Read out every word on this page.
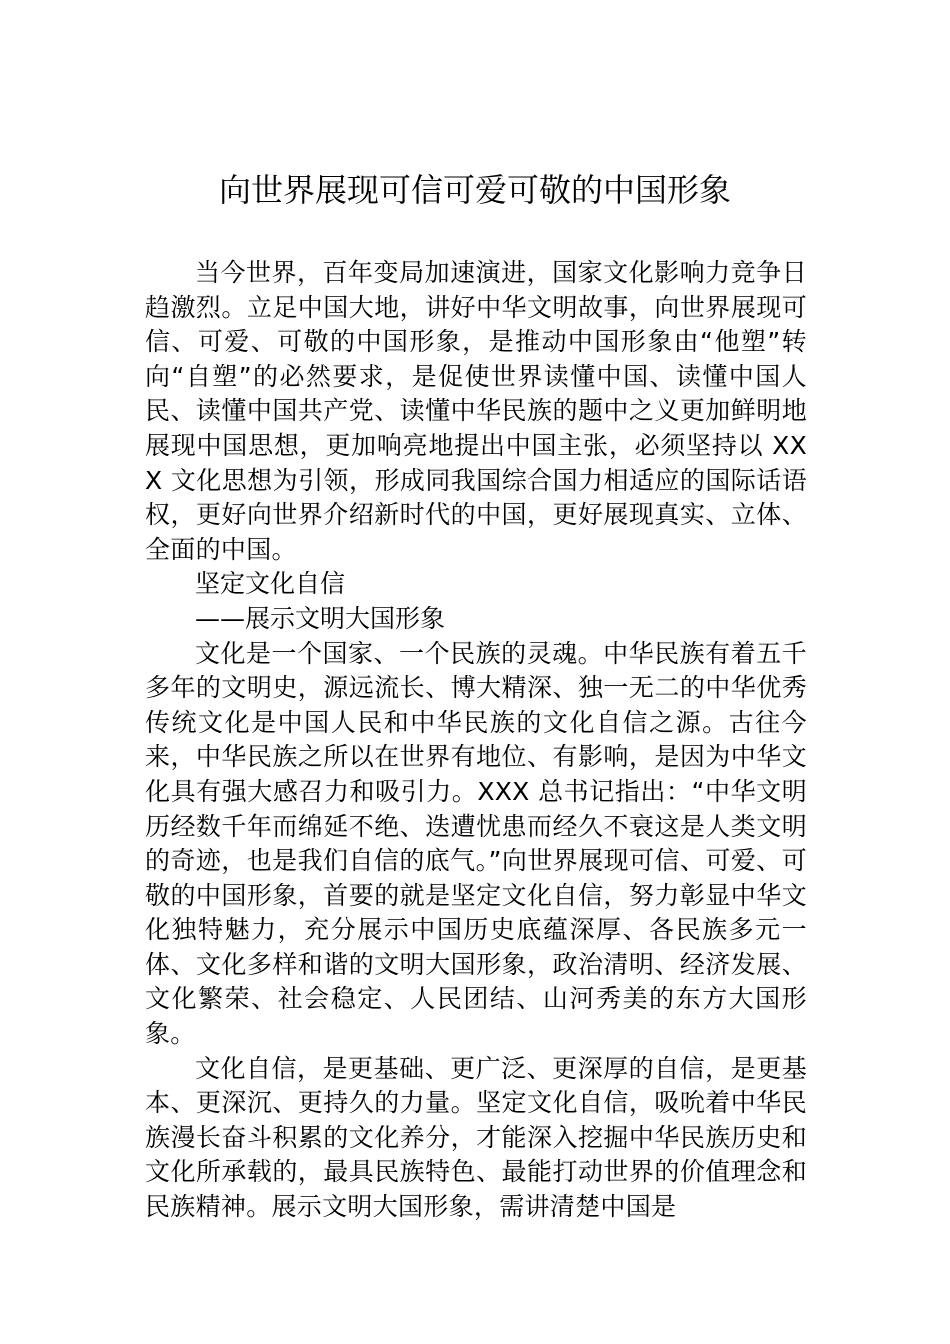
向世界展现可信可爱可敬的中国形象

当今世界，百年变局加速演进，国家文化影响力竞争日趋激烈。立足中国大地，讲好中华文明故事，向世界展现可信、可爱、可敬的中国形象，是推动中国形象由“他塑”转向“自塑”的必然要求，是促使世界读懂中国、读懂中国人民、读懂中国共产党、读懂中华民族的题中之义更加鲜明地展现中国思想，更加响亮地提出中国主张，必须坚持以 XXX 文化思想为引领，形成同我国综合国力相适应的国际话语权，更好向世界介绍新时代的中国，更好展现真实、立体、全面的中国。

坚定文化自信

——展示文明大国形象

文化是一个国家、一个民族的灵魂。中华民族有着五千多年的文明史，源远流长、博大精深、独一无二的中华优秀传统文化是中国人民和中华民族的文化自信之源。古往今来，中华民族之所以在世界有地位、有影响，是因为中华文化具有强大感召力和吸引力。XXX 总书记指出：“中华文明历经数千年而绵延不绝、迭遭忧患而经久不衰这是人类文明的奇迹，也是我们自信的底气。”向世界展现可信、可爱、可敬的中国形象，首要的就是坚定文化自信，努力彰显中华文化独特魅力，充分展示中国历史底蕴深厚、各民族多元一体、文化多样和谐的文明大国形象，政治清明、经济发展、文化繁荣、社会稳定、人民团结、山河秀美的东方大国形象。

文化自信，是更基础、更广泛、更深厚的自信，是更基本、更深沉、更持久的力量。坚定文化自信，吸吮着中华民族漫长奋斗积累的文化养分，才能深入挖掘中华民族历史和文化所承载的，最具民族特色、最能打动世界的价值理念和民族精神。展示文明大国形象，需讲清楚中国是
